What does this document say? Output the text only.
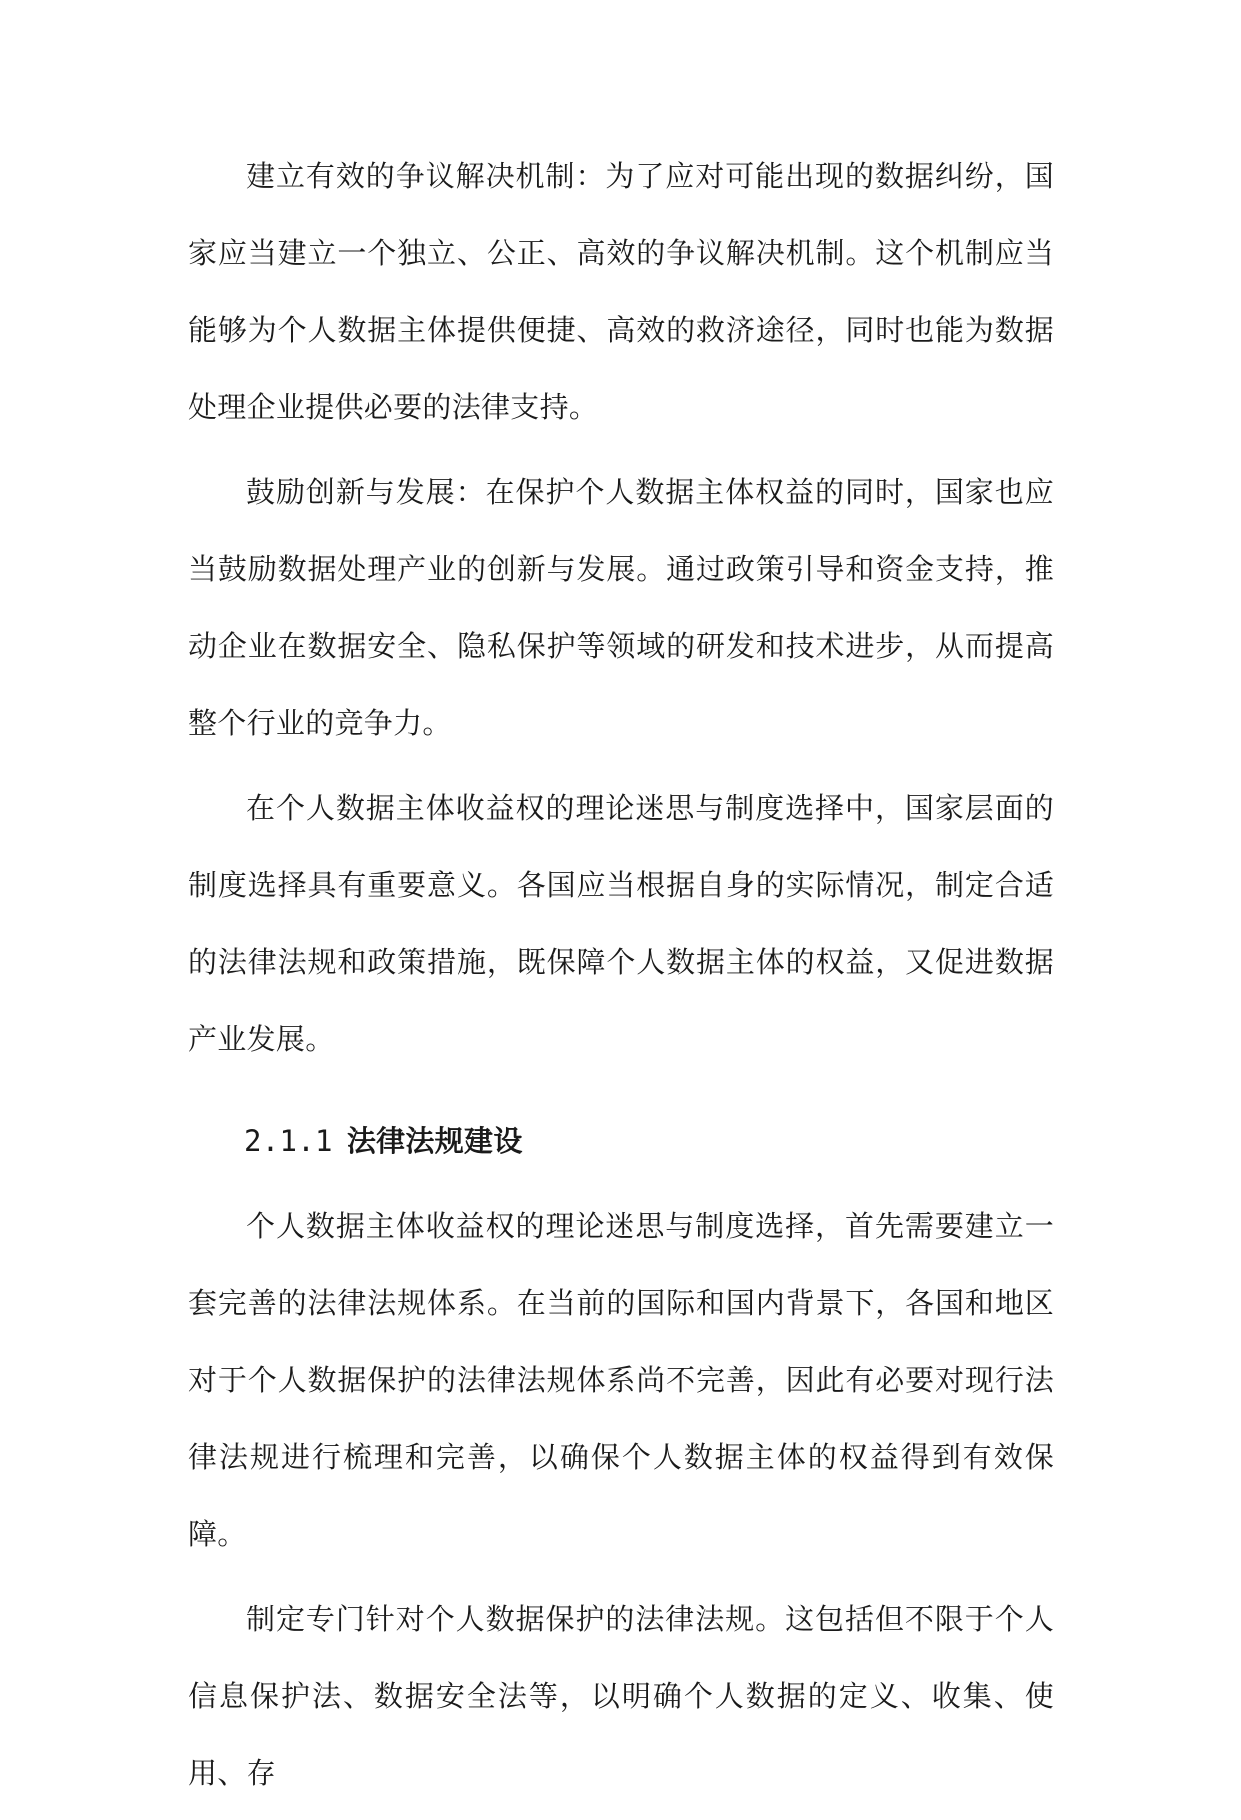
建立有效的争议解决机制：为了应对可能出现的数据纠纷，国家应当建立一个独立、公正、高效的争议解决机制。这个机制应当能够为个人数据主体提供便捷、高效的救济途径，同时也能为数据处理企业提供必要的法律支持。

鼓励创新与发展：在保护个人数据主体权益的同时，国家也应当鼓励数据处理产业的创新与发展。通过政策引导和资金支持，推动企业在数据安全、隐私保护等领域的研发和技术进步，从而提高整个行业的竞争力。

在个人数据主体收益权的理论迷思与制度选择中，国家层面的制度选择具有重要意义。各国应当根据自身的实际情况，制定合适的法律法规和政策措施，既保障个人数据主体的权益，又促进数据产业发展。

2.1.1 法律法规建设

个人数据主体收益权的理论迷思与制度选择，首先需要建立一套完善的法律法规体系。在当前的国际和国内背景下，各国和地区对于个人数据保护的法律法规体系尚不完善，因此有必要对现行法律法规进行梳理和完善，以确保个人数据主体的权益得到有效保障。

制定专门针对个人数据保护的法律法规。这包括但不限于个人信息保护法、数据安全法等，以明确个人数据的定义、收集、使用、存
